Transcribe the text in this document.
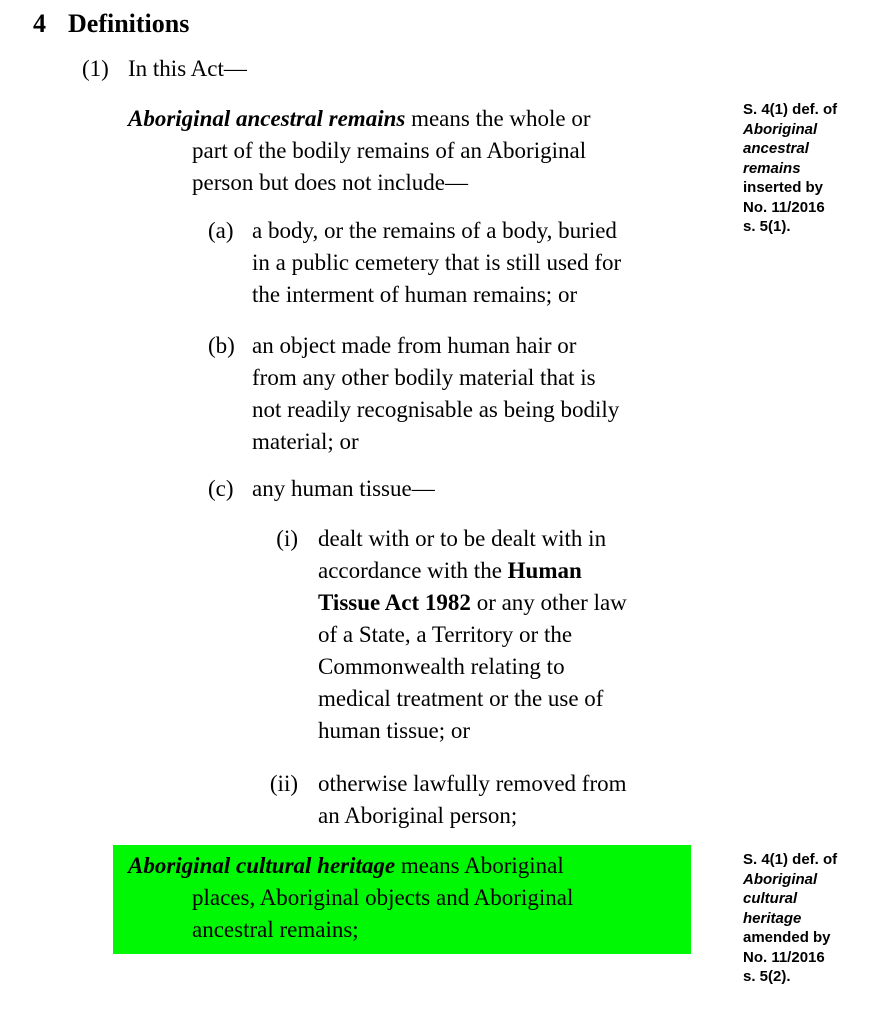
4 Definitions
(1) In this Act—
Aboriginal ancestral remains means the whole or
part of the bodily remains of an Aboriginal
person but does not include—
(a) a body, or the remains of a body, buried
in a public cemetery that is still used for
the interment of human remains; or
(b) an object made from human hair or
from any other bodily material that is
not readily recognisable as being bodily
material; or
(c) any human tissue—
(i) dealt with or to be dealt with in
accordance with the Human
Tissue Act 1982 or any other law
of a State, a Territory or the
Commonwealth relating to
medical treatment or the use of
human tissue; or
(ii) otherwise lawfully removed from
an Aboriginal person;
Aboriginal cultural heritage means Aboriginal
places, Aboriginal objects and Aboriginal
ancestral remains;
S. 4(1) def. of
Aboriginal
ancestral
remains
inserted by
No. 11/2016
s. 5(1).
S. 4(1) def. of
Aboriginal
cultural
heritage
amended by
No. 11/2016
s. 5(2).
